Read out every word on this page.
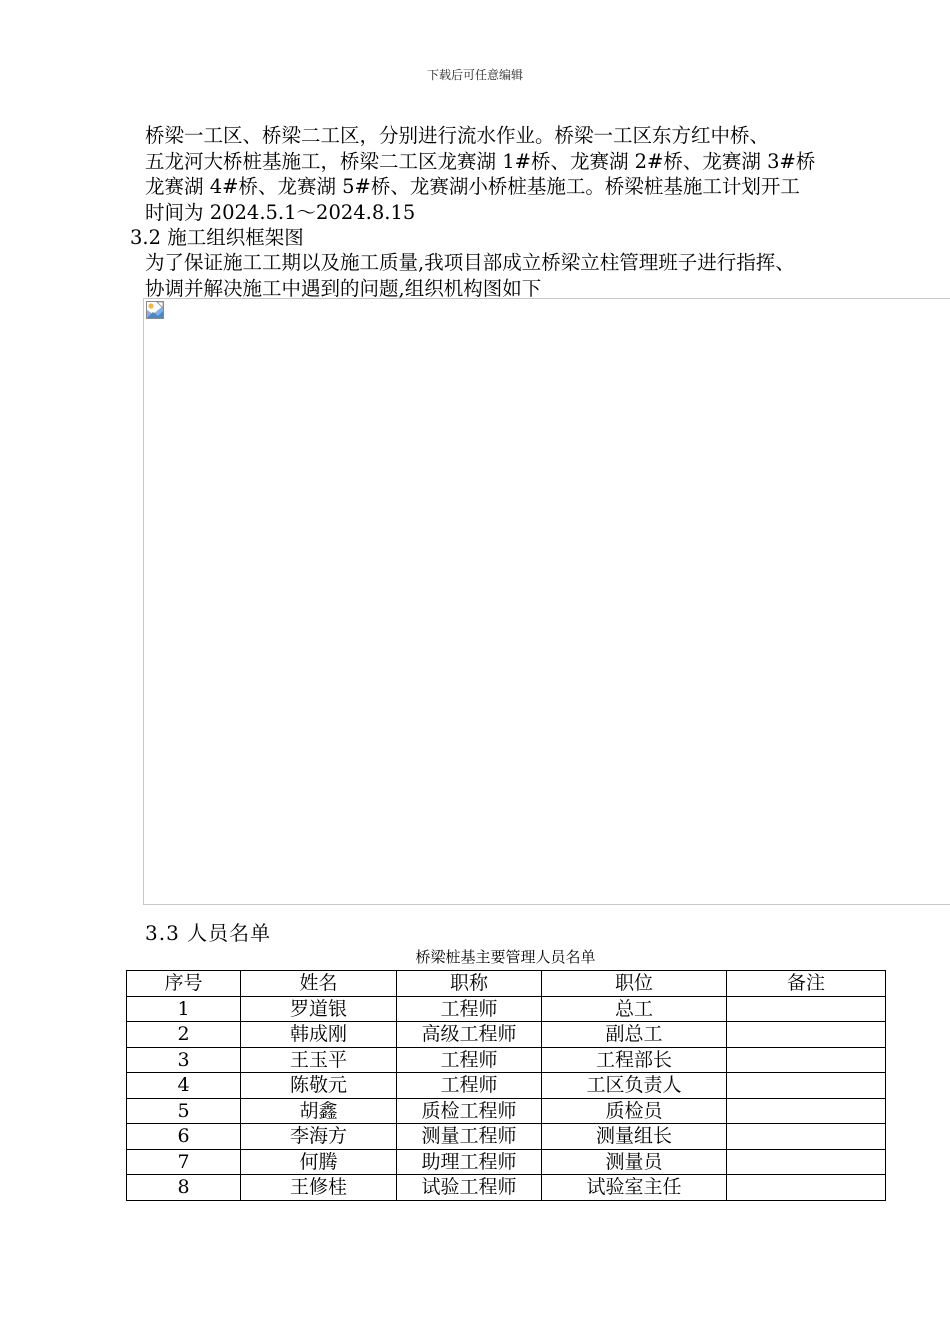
下载后可任意编辑
桥梁一工区、桥梁二工区，分别进行流水作业。桥梁一工区东方红中桥、
五龙河大桥桩基施工，桥梁二工区龙赛湖 1#桥、龙赛湖 2#桥、龙赛湖 3#桥
龙赛湖 4#桥、龙赛湖 5#桥、龙赛湖小桥桩基施工。桥梁桩基施工计划开工
时间为 2024.5.1～2024.8.15
3.2 施工组织框架图
为了保证施工工期以及施工质量,我项目部成立桥梁立柱管理班子进行指挥、
协调并解决施工中遇到的问题,组织机构图如下
3.3 人员名单
桥梁桩基主要管理人员名单
序号	姓名	职称	职位	备注
1	罗道银	工程师	总工	
2	韩成刚	高级工程师	副总工	
3	王玉平	工程师	工程部长	
4	陈敬元	工程师	工区负责人	
5	胡鑫	质检工程师	质检员	
6	李海方	测量工程师	测量组长	
7	何腾	助理工程师	测量员	
8	王修桂	试验工程师	试验室主任	
